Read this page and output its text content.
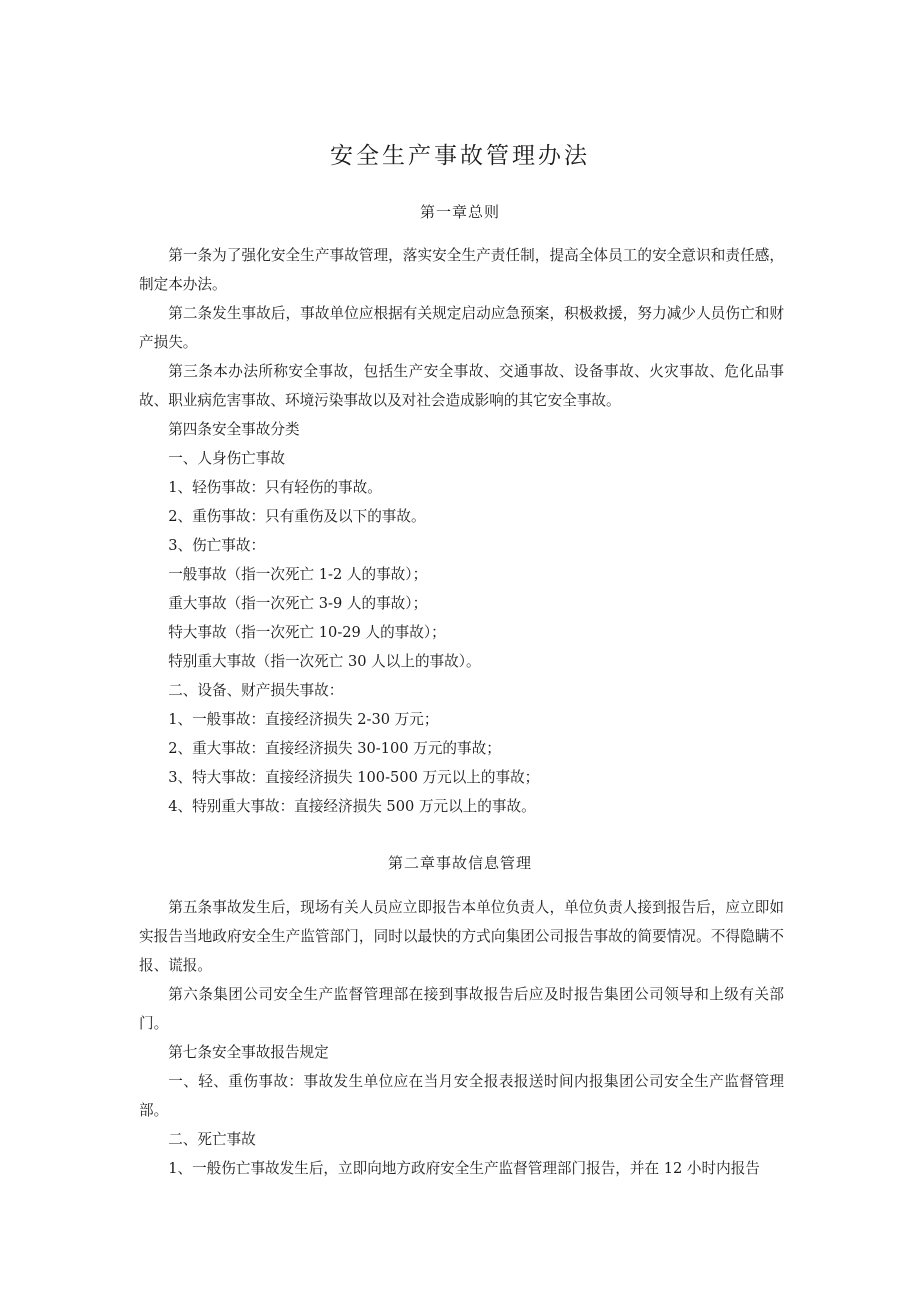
安全生产事故管理办法
第一章总则

第一条为了强化安全生产事故管理，落实安全生产责任制，提高全体员工的安全意识和责任感，制定本办法。

第二条发生事故后，事故单位应根据有关规定启动应急预案，积极救援，努力减少人员伤亡和财产损失。

第三条本办法所称安全事故，包括生产安全事故、交通事故、设备事故、火灾事故、危化品事故、职业病危害事故、环境污染事故以及对社会造成影响的其它安全事故。

第四条安全事故分类

一、人身伤亡事故

1、轻伤事故：只有轻伤的事故。

2、重伤事故：只有重伤及以下的事故。

3、伤亡事故：

一般事故（指一次死亡 1-2 人的事故）；

重大事故（指一次死亡 3-9 人的事故）；

特大事故（指一次死亡 10-29 人的事故）；

特别重大事故（指一次死亡 30 人以上的事故）。

二、设备、财产损失事故：

1、一般事故：直接经济损失 2-30 万元；

2、重大事故：直接经济损失 30-100 万元的事故；

3、特大事故：直接经济损失 100-500 万元以上的事故；

4、特别重大事故：直接经济损失 500 万元以上的事故。

第二章事故信息管理

第五条事故发生后，现场有关人员应立即报告本单位负责人，单位负责人接到报告后，应立即如实报告当地政府安全生产监管部门，同时以最快的方式向集团公司报告事故的简要情况。不得隐瞒不报、谎报。

第六条集团公司安全生产监督管理部在接到事故报告后应及时报告集团公司领导和上级有关部门。

第七条安全事故报告规定

一、轻、重伤事故：事故发生单位应在当月安全报表报送时间内报集团公司安全生产监督管理部。

二、死亡事故

1、一般伤亡事故发生后，立即向地方政府安全生产监督管理部门报告，并在 12 小时内报告
